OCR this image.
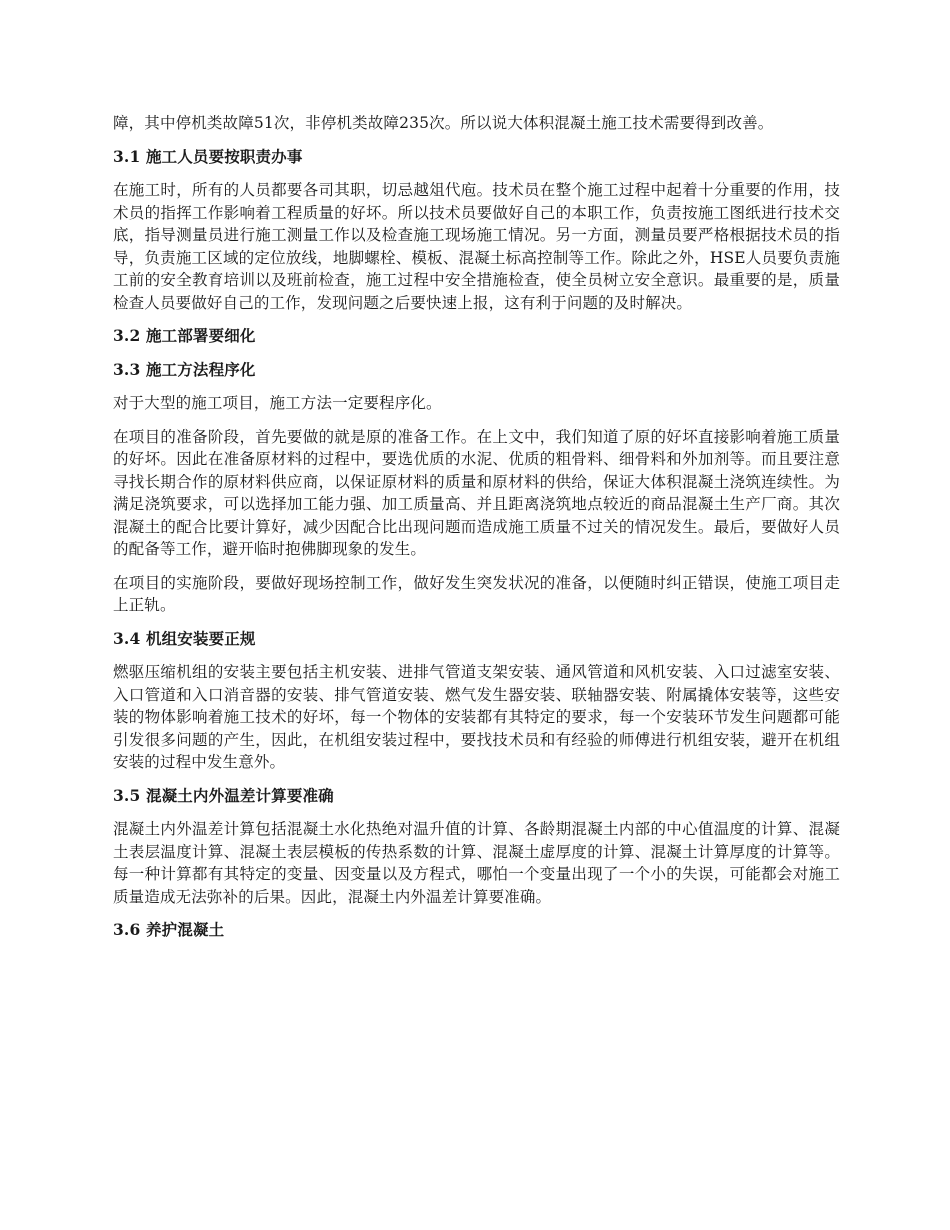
障，其中停机类故障51次，非停机类故障235次。所以说大体积混凝土施工技术需要得到改善。

3.1 施工人员要按职责办事

在施工时，所有的人员都要各司其职，切忌越俎代庖。技术员在整个施工过程中起着十分重要的作用，技术员的指挥工作影响着工程质量的好坏。所以技术员要做好自己的本职工作，负责按施工图纸进行技术交底，指导测量员进行施工测量工作以及检查施工现场施工情况。另一方面，测量员要严格根据技术员的指导，负责施工区域的定位放线，地脚螺栓、模板、混凝土标高控制等工作。除此之外，HSE人员要负责施工前的安全教育培训以及班前检查，施工过程中安全措施检查，使全员树立安全意识。最重要的是，质量检查人员要做好自己的工作，发现问题之后要快速上报，这有利于问题的及时解决。

3.2 施工部署要细化
3.3 施工方法程序化

对于大型的施工项目，施工方法一定要程序化。

在项目的准备阶段，首先要做的就是原的准备工作。在上文中，我们知道了原的好坏直接影响着施工质量的好坏。因此在准备原材料的过程中，要选优质的水泥、优质的粗骨料、细骨料和外加剂等。而且要注意寻找长期合作的原材料供应商，以保证原材料的质量和原材料的供给，保证大体积混凝土浇筑连续性。为满足浇筑要求，可以选择加工能力强、加工质量高、并且距离浇筑地点较近的商品混凝土生产厂商。其次混凝土的配合比要计算好，减少因配合比出现问题而造成施工质量不过关的情况发生。最后，要做好人员的配备等工作，避开临时抱佛脚现象的发生。

在项目的实施阶段，要做好现场控制工作，做好发生突发状况的准备，以便随时纠正错误，使施工项目走上正轨。

3.4 机组安装要正规

燃驱压缩机组的安装主要包括主机安装、进排气管道支架安装、通风管道和风机安装、入口过滤室安装、入口管道和入口消音器的安装、排气管道安装、燃气发生器安装、联轴器安装、附属撬体安装等，这些安装的物体影响着施工技术的好坏，每一个物体的安装都有其特定的要求，每一个安装环节发生问题都可能引发很多问题的产生，因此，在机组安装过程中，要找技术员和有经验的师傅进行机组安装，避开在机组安装的过程中发生意外。

3.5 混凝土内外温差计算要准确

混凝土内外温差计算包括混凝土水化热绝对温升值的计算、各龄期混凝土内部的中心值温度的计算、混凝土表层温度计算、混凝土表层模板的传热系数的计算、混凝土虚厚度的计算、混凝土计算厚度的计算等。每一种计算都有其特定的变量、因变量以及方程式，哪怕一个变量出现了一个小的失误，可能都会对施工质量造成无法弥补的后果。因此，混凝土内外温差计算要准确。

3.6 养护混凝土
